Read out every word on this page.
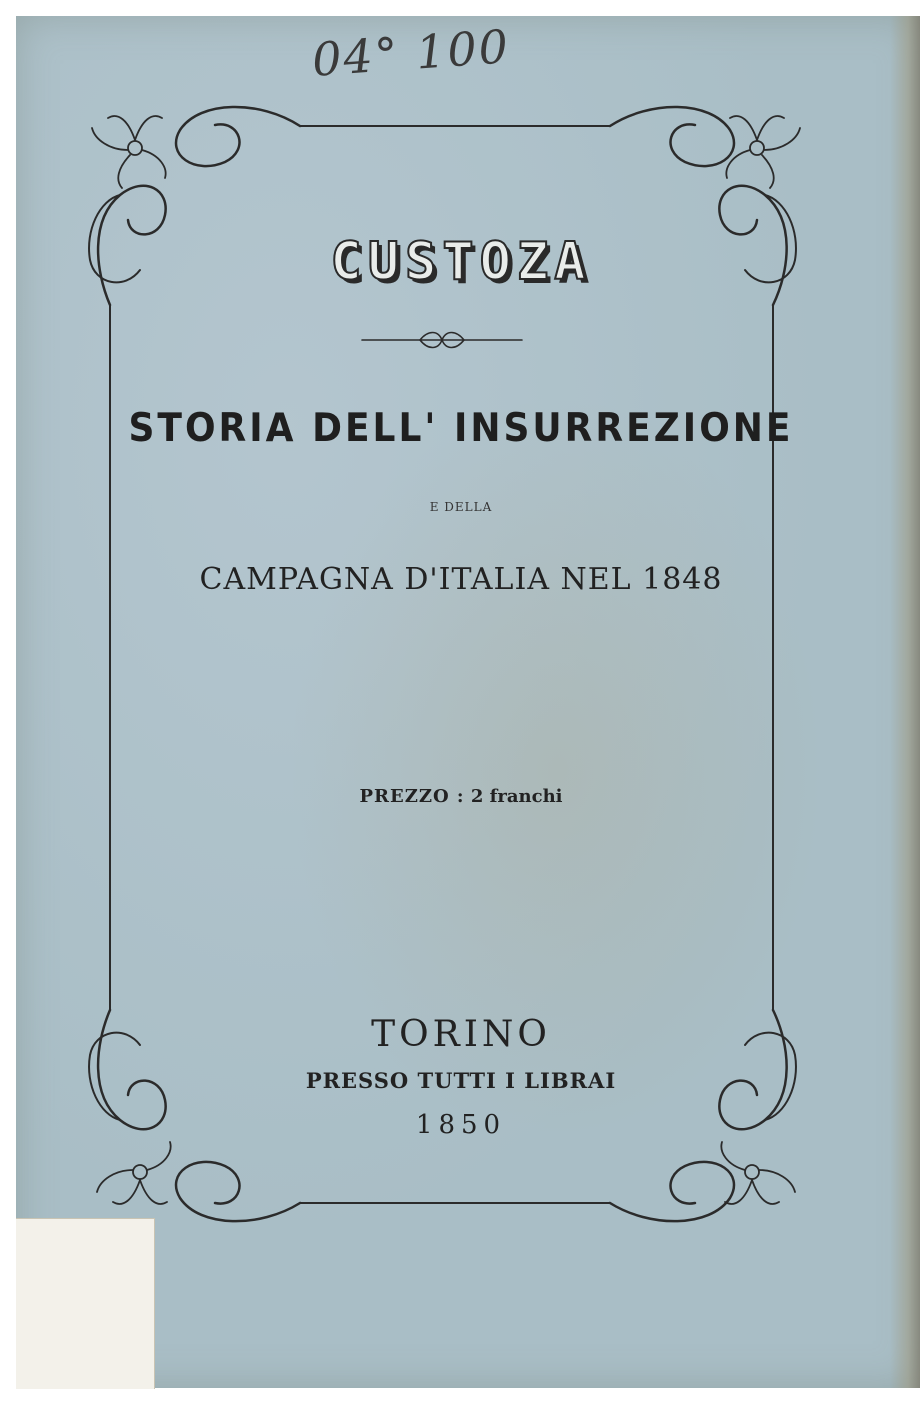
04° 100
CUSTOZA
STORIA DELL' INSURREZIONE
E DELLA
CAMPAGNA D'ITALIA NEL 1848
PREZZO : 2 franchi
TORINO
PRESSO TUTTI I LIBRAI
1850
